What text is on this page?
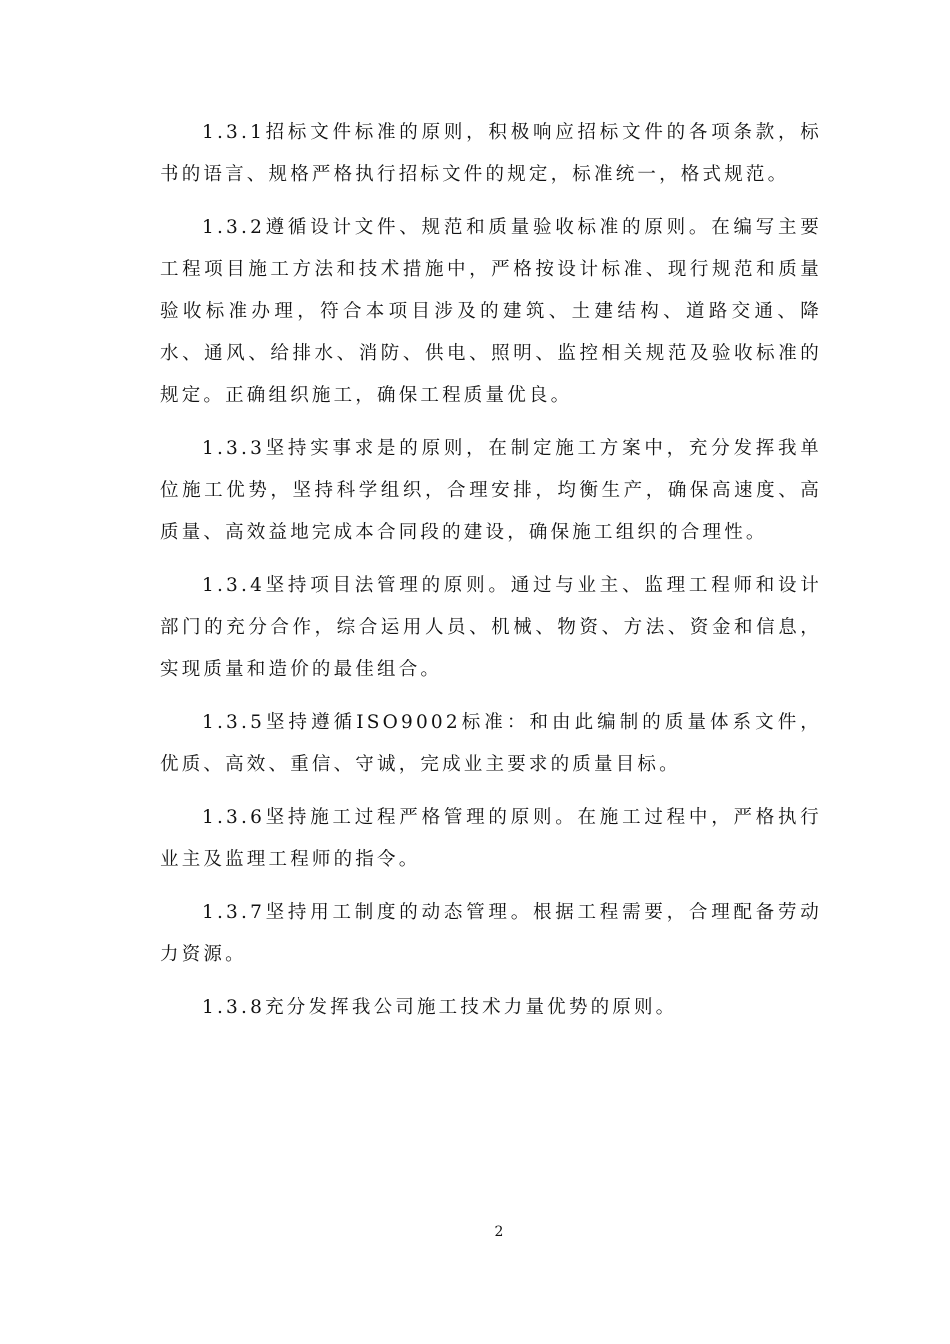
1.3.1招标文件标准的原则，积极响应招标文件的各项条款，标书的语言、规格严格执行招标文件的规定，标准统一，格式规范。

1.3.2遵循设计文件、规范和质量验收标准的原则。在编写主要工程项目施工方法和技术措施中，严格按设计标准、现行规范和质量验收标准办理，符合本项目涉及的建筑、土建结构、道路交通、降水、通风、给排水、消防、供电、照明、监控相关规范及验收标准的规定。正确组织施工，确保工程质量优良。

1.3.3坚持实事求是的原则，在制定施工方案中，充分发挥我单位施工优势，坚持科学组织，合理安排，均衡生产，确保高速度、高质量、高效益地完成本合同段的建设，确保施工组织的合理性。

1.3.4坚持项目法管理的原则。通过与业主、监理工程师和设计部门的充分合作，综合运用人员、机械、物资、方法、资金和信息，实现质量和造价的最佳组合。

1.3.5坚持遵循ISO9002标准：和由此编制的质量体系文件，优质、高效、重信、守诚，完成业主要求的质量目标。

1.3.6坚持施工过程严格管理的原则。在施工过程中，严格执行业主及监理工程师的指令。

1.3.7坚持用工制度的动态管理。根据工程需要，合理配备劳动力资源。

1.3.8充分发挥我公司施工技术力量优势的原则。

2
